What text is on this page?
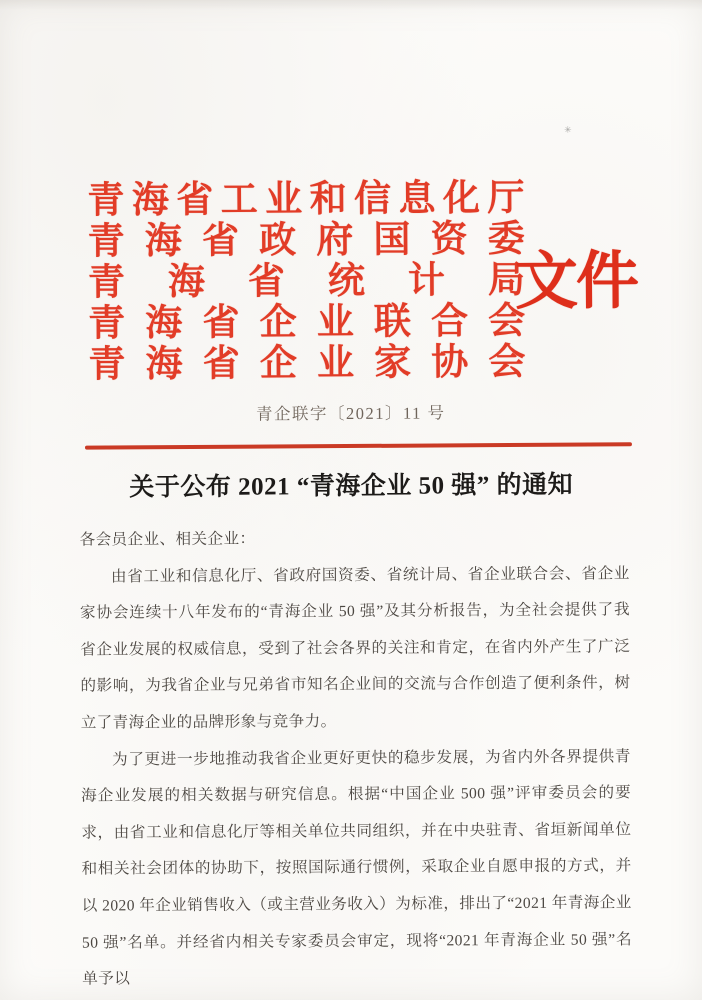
✳
青 海 省 工 业 和 信 息 化 厅
青 海 省 政 府 国 资 委
青 海 省 统 计 局
青 海 省 企 业 联 合 会
青 海 省 企 业 家 协 会
文件
青企联字〔2021〕11 号
关于公布 2021 “青海企业 50 强” 的通知

各会员企业、相关企业：

由省工业和信息化厅、省政府国资委、省统计局、省企业联合会、省企业家协会连续十八年发布的“青海企业 50 强”及其分析报告，为全社会提供了我省企业发展的权威信息，受到了社会各界的关注和肯定，在省内外产生了广泛的影响，为我省企业与兄弟省市知名企业间的交流与合作创造了便利条件，树立了青海企业的品牌形象与竞争力。

为了更进一步地推动我省企业更好更快的稳步发展，为省内外各界提供青海企业发展的相关数据与研究信息。根据“中国企业 500 强”评审委员会的要求，由省工业和信息化厅等相关单位共同组织，并在中央驻青、省垣新闻单位和相关社会团体的协助下，按照国际通行惯例，采取企业自愿申报的方式，并以 2020 年企业销售收入（或主营业务收入）为标准，排出了“2021 年青海企业 50 强”名单。并经省内相关专家委员会审定，现将“2021 年青海企业 50 强”名单予以
